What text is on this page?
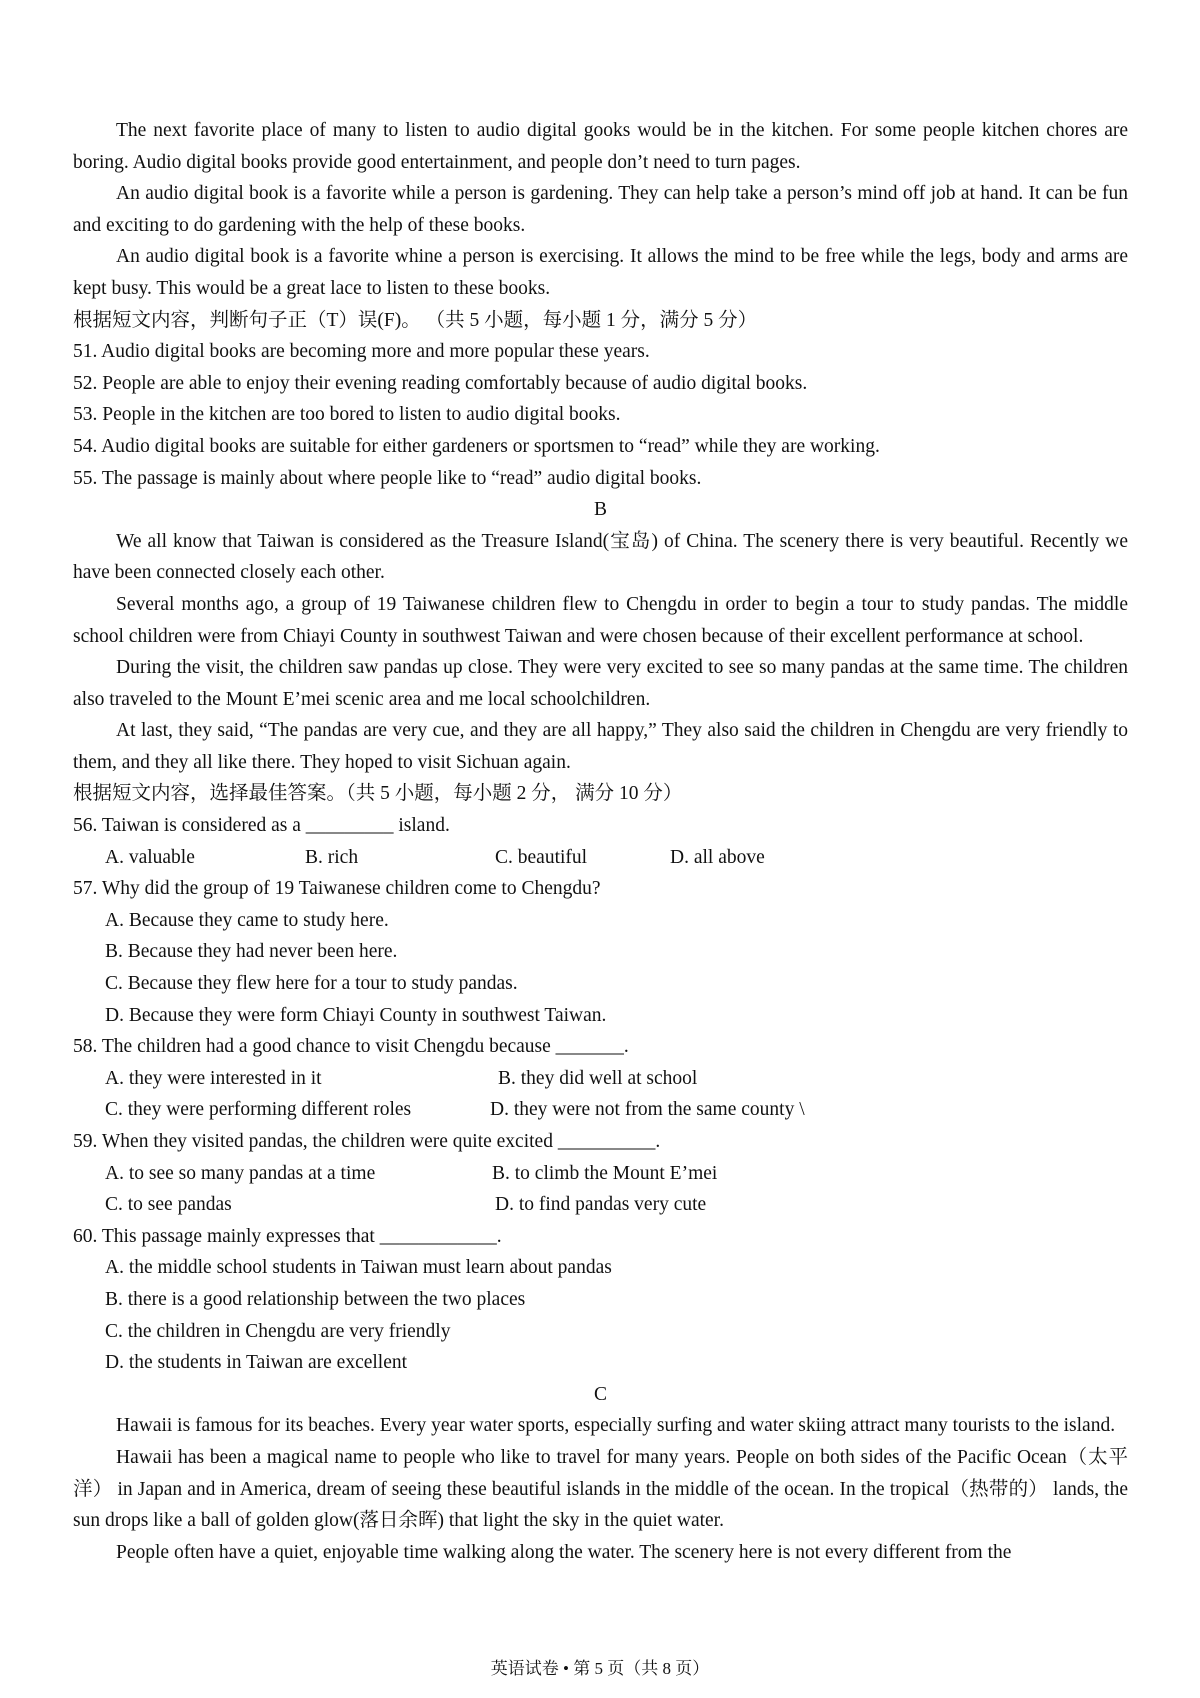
The next favorite place of many to listen to audio digital gooks would be in the kitchen. For some people kitchen chores are boring. Audio digital books provide good entertainment, and people don’t need to turn pages.

An audio digital book is a favorite while a person is gardening. They can help take a person’s mind off job at hand. It can be fun and exciting to do gardening with the help of these books.

An audio digital book is a favorite whine a person is exercising. It allows the mind to be free while the legs, body and arms are kept busy. This would be a great lace to listen to these books.

根据短文内容，判断句子正（T）误(F)。 （共 5 小题，每小题 1 分，满分 5 分）

51. Audio digital books are becoming more and more popular these years.

52. People are able to enjoy their evening reading comfortably because of audio digital books.

53. People in the kitchen are too bored to listen to audio digital books.

54. Audio digital books are suitable for either gardeners or sportsmen to “read” while they are working.

55. The passage is mainly about where people like to “read” audio digital books.

B

We all know that Taiwan is considered as the Treasure Island(宝岛) of China. The scenery there is very beautiful. Recently we have been connected closely each other.

Several months ago, a group of 19 Taiwanese children flew to Chengdu in order to begin a tour to study pandas. The middle school children were from Chiayi County in southwest Taiwan and were chosen because of their excellent performance at school.

During the visit, the children saw pandas up close. They were very excited to see so many pandas at the same time. The children also traveled to the Mount E’mei scenic area and me local schoolchildren.

At last, they said, “The pandas are very cue, and they are all happy,” They also said the children in Chengdu are very friendly to them, and they all like there. They hoped to visit Sichuan again.

根据短文内容，选择最佳答案。（共 5 小题，每小题 2 分， 满分 10 分）

56. Taiwan is considered as a _________ island.

A. valuable	B. rich	C. beautiful	D. all above

57. Why did the group of 19 Taiwanese children come to Chengdu?

A. Because they came to study here.

B. Because they had never been here.

C. Because they flew here for a tour to study pandas.

D. Because they were form Chiayi County in southwest Taiwan.

58. The children had a good chance to visit Chengdu because _______.

A. they were interested in it	B. they did well at school
C. they were performing different roles	D. they were not from the same county \

59. When they visited pandas, the children were quite excited __________.

A. to see so many pandas at a time	B. to climb the Mount E’mei
C. to see pandas	D. to find pandas very cute

60. This passage mainly expresses that ____________.

A. the middle school students in Taiwan must learn about pandas

B. there is a good relationship between the two places

C. the children in Chengdu are very friendly

D. the students in Taiwan are excellent

C

Hawaii is famous for its beaches. Every year water sports, especially surfing and water skiing attract many tourists to the island.

Hawaii has been a magical name to people who like to travel for many years. People on both sides of the Pacific Ocean（太平洋） in Japan and in America, dream of seeing these beautiful islands in the middle of the ocean. In the tropical（热带的） lands, the sun drops like a ball of golden glow(落日余晖) that light the sky in the quiet water.

People often have a quiet, enjoyable time walking along the water. The scenery here is not every different from the

英语试卷 • 第 5 页（共 8 页）
